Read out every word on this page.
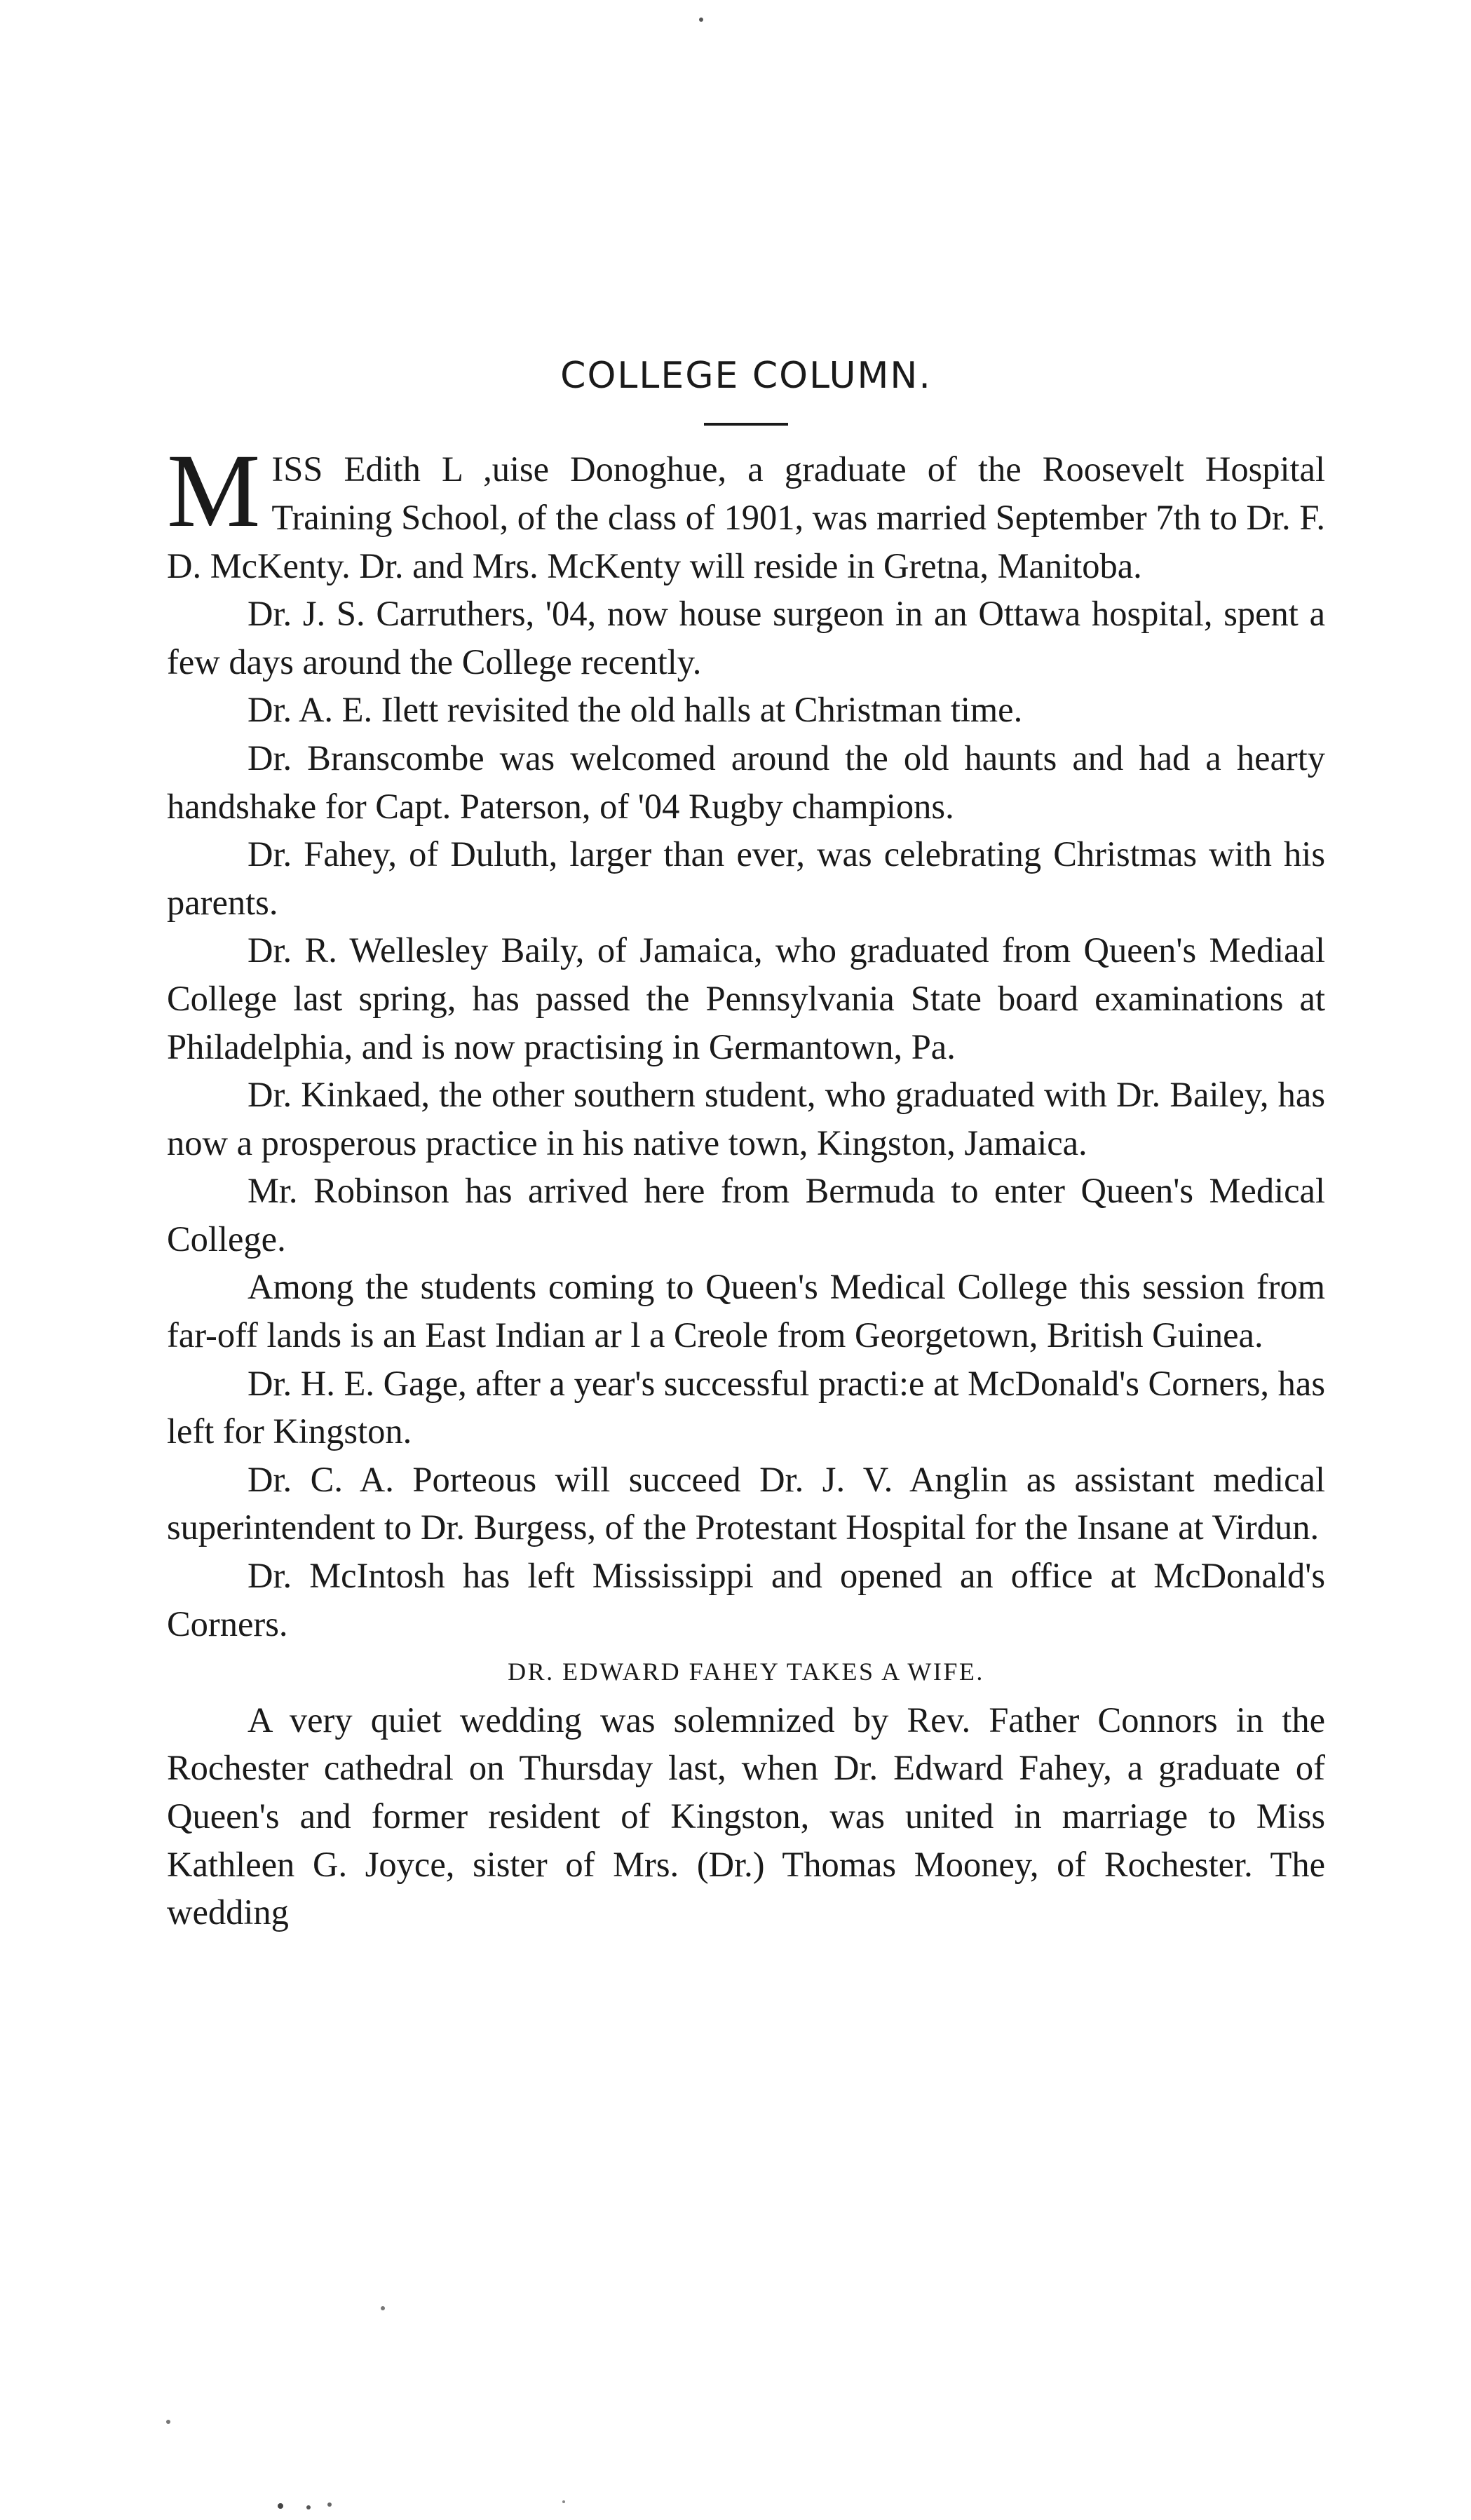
COLLEGE COLUMN.

MISS Edith L ,uise Donoghue, a graduate of the Roosevelt Hospital Training School, of the class of 1901, was married September 7th to Dr. F. D. McKenty. Dr. and Mrs. McKenty will reside in Gretna, Manitoba.

Dr. J. S. Carruthers, '04, now house surgeon in an Ottawa hospital, spent a few days around the College recently.

Dr. A. E. Ilett revisited the old halls at Christman time.

Dr. Branscombe was welcomed around the old haunts and had a hearty handshake for Capt. Paterson, of '04 Rugby champions.

Dr. Fahey, of Duluth, larger than ever, was celebrating Christmas with his parents.

Dr. R. Wellesley Baily, of Jamaica, who graduated from Queen's Mediaal College last spring, has passed the Pennsylvania State board examinations at Philadelphia, and is now practising in Germantown, Pa.

Dr. Kinkaed, the other southern student, who graduated with Dr. Bailey, has now a prosperous practice in his native town, Kingston, Jamaica.

Mr. Robinson has arrived here from Bermuda to enter Queen's Medical College.

Among the students coming to Queen's Medical College this session from far-off lands is an East Indian ar l a Creole from Georgetown, British Guinea.

Dr. H. E. Gage, after a year's successful practi:e at McDonald's Corners, has left for Kingston.

Dr. C. A. Porteous will succeed Dr. J. V. Anglin as assistant medical superintendent to Dr. Burgess, of the Protestant Hospital for the Insane at Virdun.

Dr. McIntosh has left Mississippi and opened an office at McDonald's Corners.

DR. EDWARD FAHEY TAKES A WIFE.

A very quiet wedding was solemnized by Rev. Father Connors in the Rochester cathedral on Thursday last, when Dr. Edward Fahey, a graduate of Queen's and former resident of Kingston, was united in marriage to Miss Kathleen G. Joyce, sister of Mrs. (Dr.) Thomas Mooney, of Rochester. The wedding
